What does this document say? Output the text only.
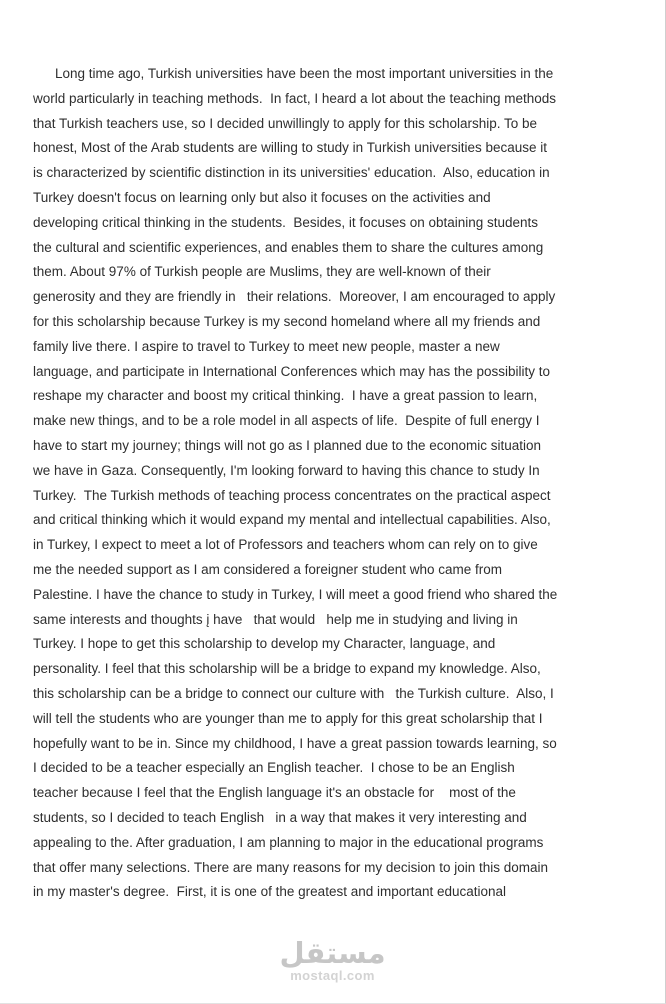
Long time ago, Turkish universities have been the most important universities in the
world particularly in teaching methods.  In fact, I heard a lot about the teaching methods
that Turkish teachers use, so I decided unwillingly to apply for this scholarship. To be
honest, Most of the Arab students are willing to study in Turkish universities because it
is characterized by scientific distinction in its universities' education.  Also, education in
Turkey doesn't focus on learning only but also it focuses on the activities and
developing critical thinking in the students.  Besides, it focuses on obtaining students
the cultural and scientific experiences, and enables them to share the cultures among
them. About 97% of Turkish people are Muslims, they are well-known of their
generosity and they are friendly in   their relations.  Moreover, I am encouraged to apply
for this scholarship because Turkey is my second homeland where all my friends and
family live there. I aspire to travel to Turkey to meet new people, master a new
language, and participate in International Conferences which may has the possibility to
reshape my character and boost my critical thinking.  I have a great passion to learn,
make new things, and to be a role model in all aspects of life.  Despite of full energy I
have to start my journey; things will not go as I planned due to the economic situation
we have in Gaza. Consequently, I'm looking forward to having this chance to study In
Turkey.  The Turkish methods of teaching process concentrates on the practical aspect
and critical thinking which it would expand my mental and intellectual capabilities. Also,
in Turkey, I expect to meet a lot of Professors and teachers whom can rely on to give
me the needed support as I am considered a foreigner student who came from
Palestine. I have the chance to study in Turkey, I will meet a good friend who shared the
same interests and thoughts į have   that would   help me in studying and living in
Turkey. I hope to get this scholarship to develop my Character, language, and
personality. I feel that this scholarship will be a bridge to expand my knowledge. Also,
this scholarship can be a bridge to connect our culture with   the Turkish culture.  Also, I
will tell the students who are younger than me to apply for this great scholarship that I
hopefully want to be in. Since my childhood, I have a great passion towards learning, so
I decided to be a teacher especially an English teacher.  I chose to be an English
teacher because I feel that the English language it's an obstacle for    most of the
students, so I decided to teach English   in a way that makes it very interesting and
appealing to the. After graduation, I am planning to major in the educational programs
that offer many selections. There are many reasons for my decision to join this domain
in my master's degree.  First, it is one of the greatest and important educational
مستقل
mostaql.com
